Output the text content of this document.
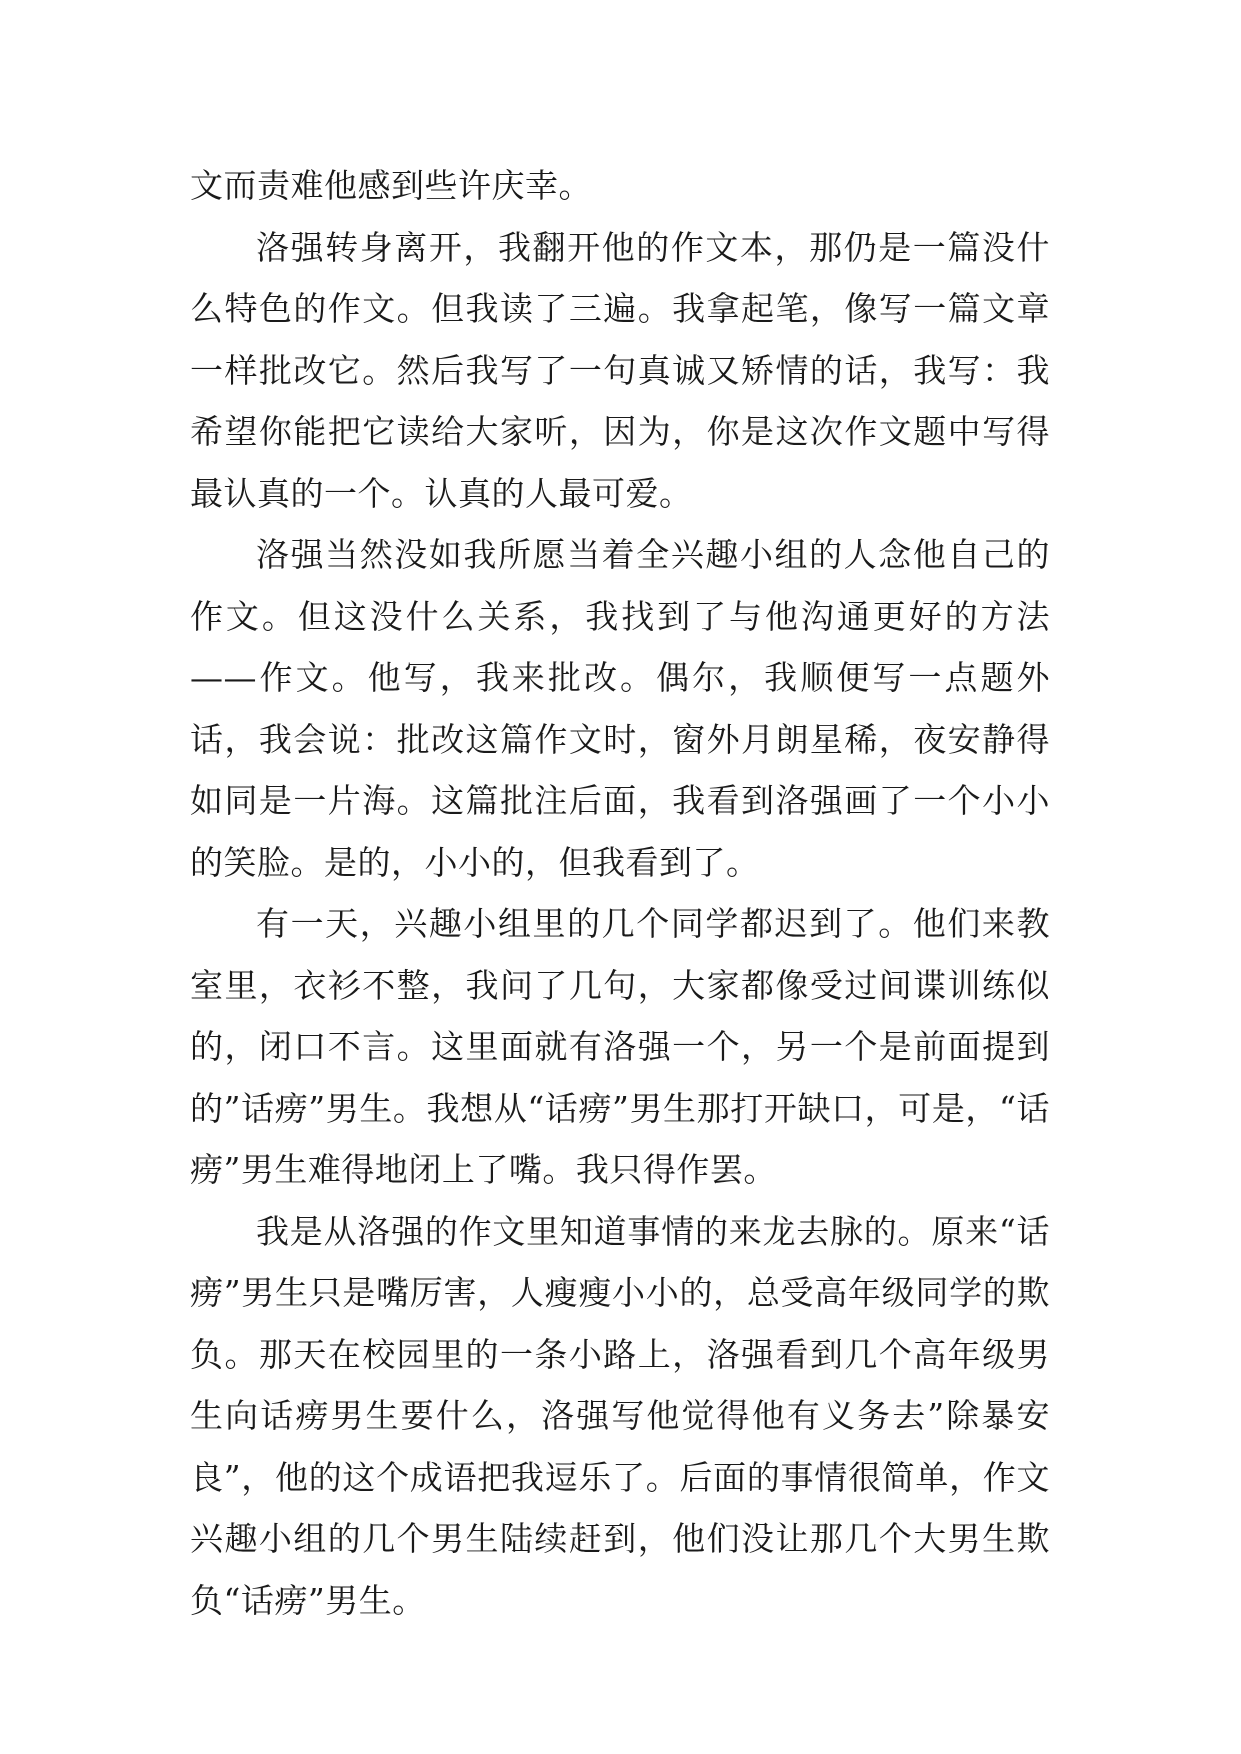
文而责难他感到些许庆幸。

洛强转身离开，我翻开他的作文本，那仍是一篇没什么特色的作文。但我读了三遍。我拿起笔，像写一篇文章一样批改它。然后我写了一句真诚又矫情的话，我写：我希望你能把它读给大家听，因为，你是这次作文题中写得最认真的一个。认真的人最可爱。

洛强当然没如我所愿当着全兴趣小组的人念他自己的作文。但这没什么关系，我找到了与他沟通更好的方法——作文。他写，我来批改。偶尔，我顺便写一点题外话，我会说：批改这篇作文时，窗外月朗星稀，夜安静得如同是一片海。这篇批注后面，我看到洛强画了一个小小的笑脸。是的，小小的，但我看到了。

有一天，兴趣小组里的几个同学都迟到了。他们来教室里，衣衫不整，我问了几句，大家都像受过间谍训练似的，闭口不言。这里面就有洛强一个，另一个是前面提到的”话痨”男生。我想从“话痨”男生那打开缺口，可是，“话痨”男生难得地闭上了嘴。我只得作罢。

我是从洛强的作文里知道事情的来龙去脉的。原来“话痨”男生只是嘴厉害，人瘦瘦小小的，总受高年级同学的欺负。那天在校园里的一条小路上，洛强看到几个高年级男生向话痨男生要什么，洛强写他觉得他有义务去”除暴安良”，他的这个成语把我逗乐了。后面的事情很简单，作文兴趣小组的几个男生陆续赶到，他们没让那几个大男生欺负“话痨”男生。
